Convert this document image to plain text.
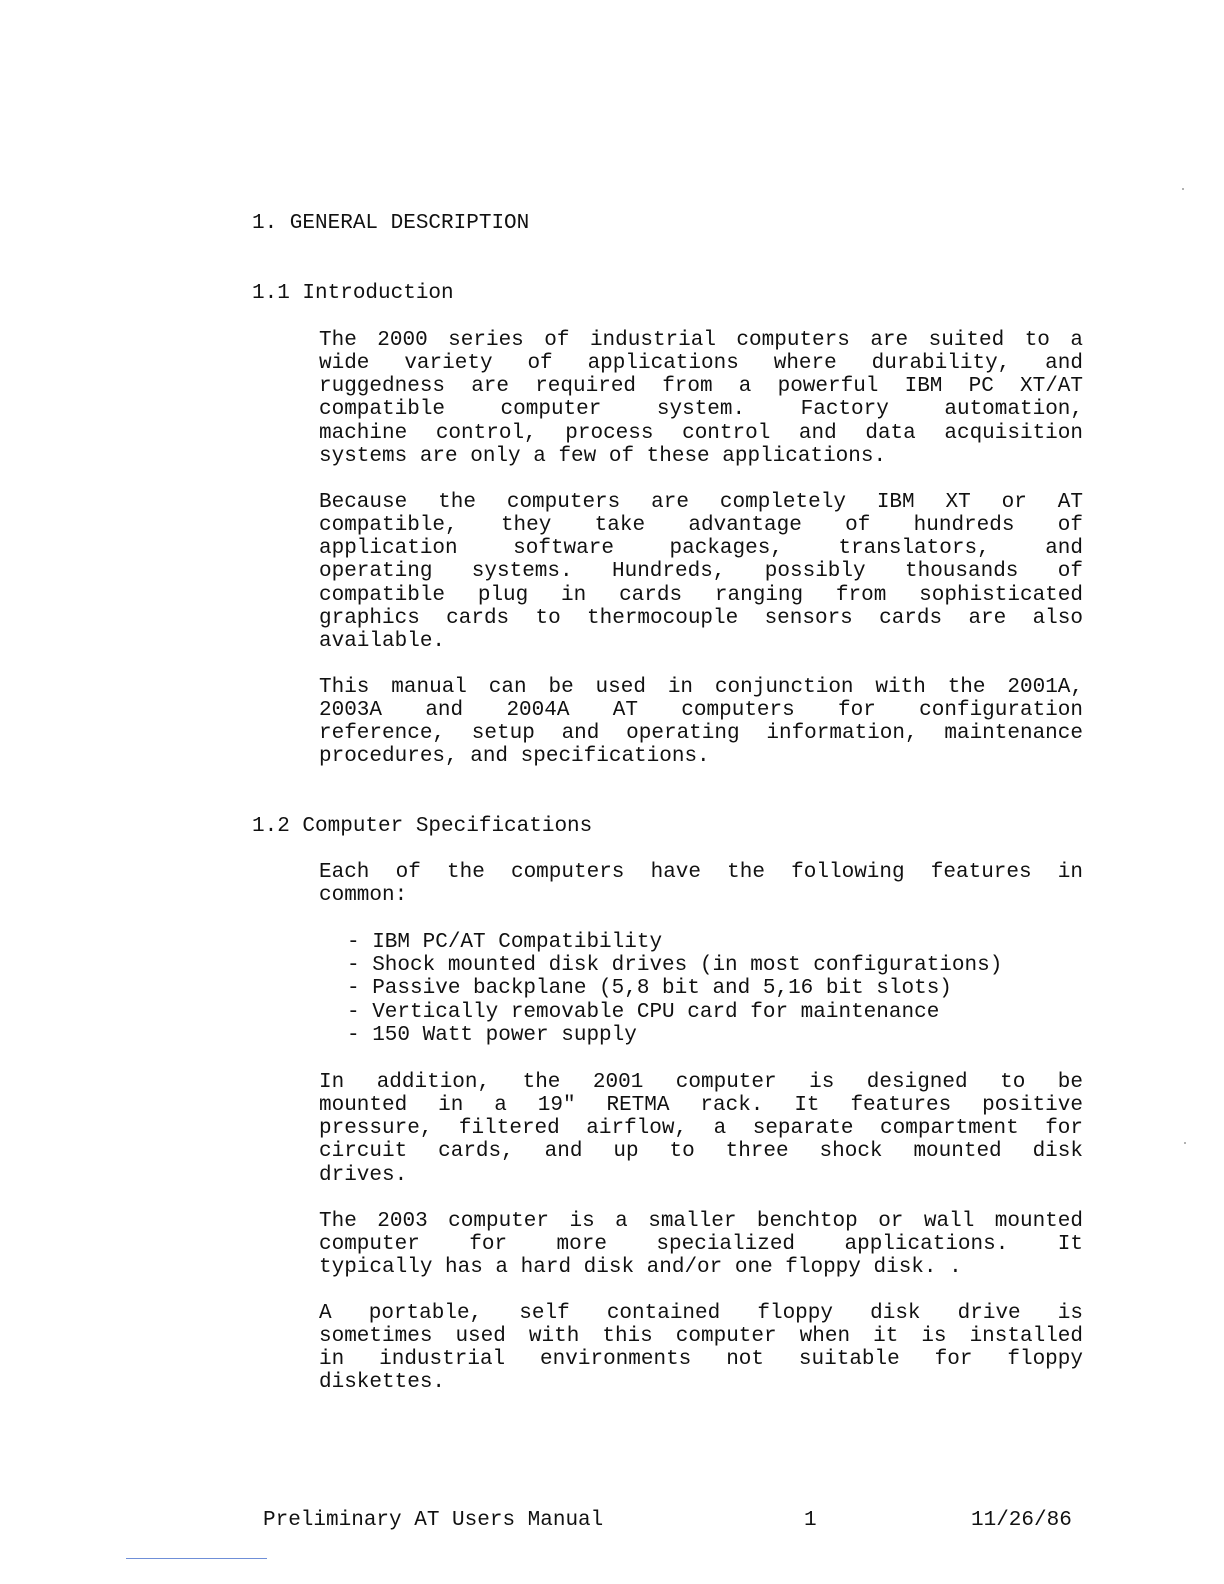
1. GENERAL DESCRIPTION
1.1 Introduction
The 2000 series of industrial computers are suited to a
wide variety of applications where durability, and
ruggedness are required from a powerful IBM PC XT/AT
compatible computer system. Factory automation,
machine control, process control and data acquisition
systems are only a few of these applications.
Because the computers are completely IBM XT or AT
compatible, they take advantage of hundreds of
application software packages, translators, and
operating systems. Hundreds, possibly thousands of
compatible plug in cards ranging from sophisticated
graphics cards to thermocouple sensors cards are also
available.
This manual can be used in conjunction with the 2001A,
2003A and 2004A AT computers for configuration
reference, setup and operating information, maintenance
procedures, and specifications.
1.2 Computer Specifications
Each of the computers have the following features in
common:
- IBM PC/AT Compatibility
- Shock mounted disk drives (in most configurations)
- Passive backplane (5,8 bit and 5,16 bit slots)
- Vertically removable CPU card for maintenance
- 150 Watt power supply
In addition, the 2001 computer is designed to be
mounted in a 19" RETMA rack. It features positive
pressure, filtered airflow, a separate compartment for
circuit cards, and up to three shock mounted disk
drives.
The 2003 computer is a smaller benchtop or wall mounted
computer for more specialized applications. It
typically has a hard disk and/or one floppy disk. .
A portable, self contained floppy disk drive is
sometimes used with this computer when it is installed
in industrial environments not suitable for floppy
diskettes.
Preliminary AT Users Manual	1	11/26/86
